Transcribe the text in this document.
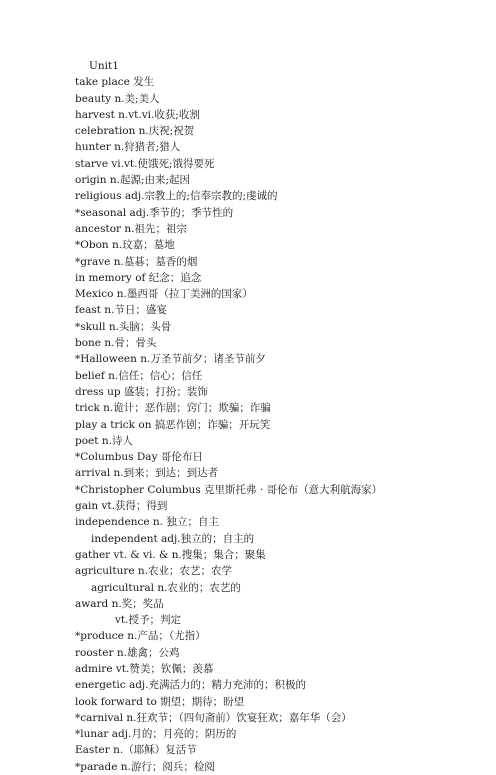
Unit1
take place 发生
beauty n.美;美人
harvest n.vt.vi.收获;收割
celebration n.庆祝;祝贺
hunter n.狩猎者;猎人
starve vi.vt.使饿死;饿得要死
origin n.起源;由来;起因
religious adj.宗教上的;信奉宗教的;虔诚的
*seasonal adj.季节的；季节性的
ancestor n.祖先；祖宗
*Obon n.玟嘉；墓地
*grave n.墓碁；墓香的烟
in memory of 纪念；追念
Mexico n.墨西哥（拉丁美洲的国家）
feast n.节日；盛宴
*skull n.头脑；头骨
bone n.骨；骨头
*Halloween n.万圣节前夕；诸圣节前夕
belief n.信任；信心；信任
dress up 盛装；打扮；装饰
trick n.诡计；恶作剧；窍门；欺骗；诈骗
play a trick on 搞恶作剧；诈骗；开玩笑
poet n.诗人
*Columbus Day 哥伦布日
arrival n.到来；到达；到达者
*Christopher Columbus 克里斯托弗 · 哥伦布（意大利航海家）
gain vt.获得；得到
independence n. 独立；自主
independent adj.独立的；自主的
gather vt. & vi. & n.搜集；集合；聚集
agriculture n.农业；农艺；农学
agricultural n.农业的；农艺的
award n.奖；奖品
vt.授予；判定
*produce n.产品；（尤指）
rooster n.雄禽；公鸡
admire vt.赞美；钦佩；羡慕
energetic adj.充满活力的；精力充沛的；积极的
look forward to 期望；期待；盼望
*carnival n.狂欢节；（四旬斋前）饮宴狂欢；嘉年华（会）
*lunar adj.月的；月亮的；阴历的
Easter n.（耶稣）复活节
*parade n.游行；阅兵；检阅
